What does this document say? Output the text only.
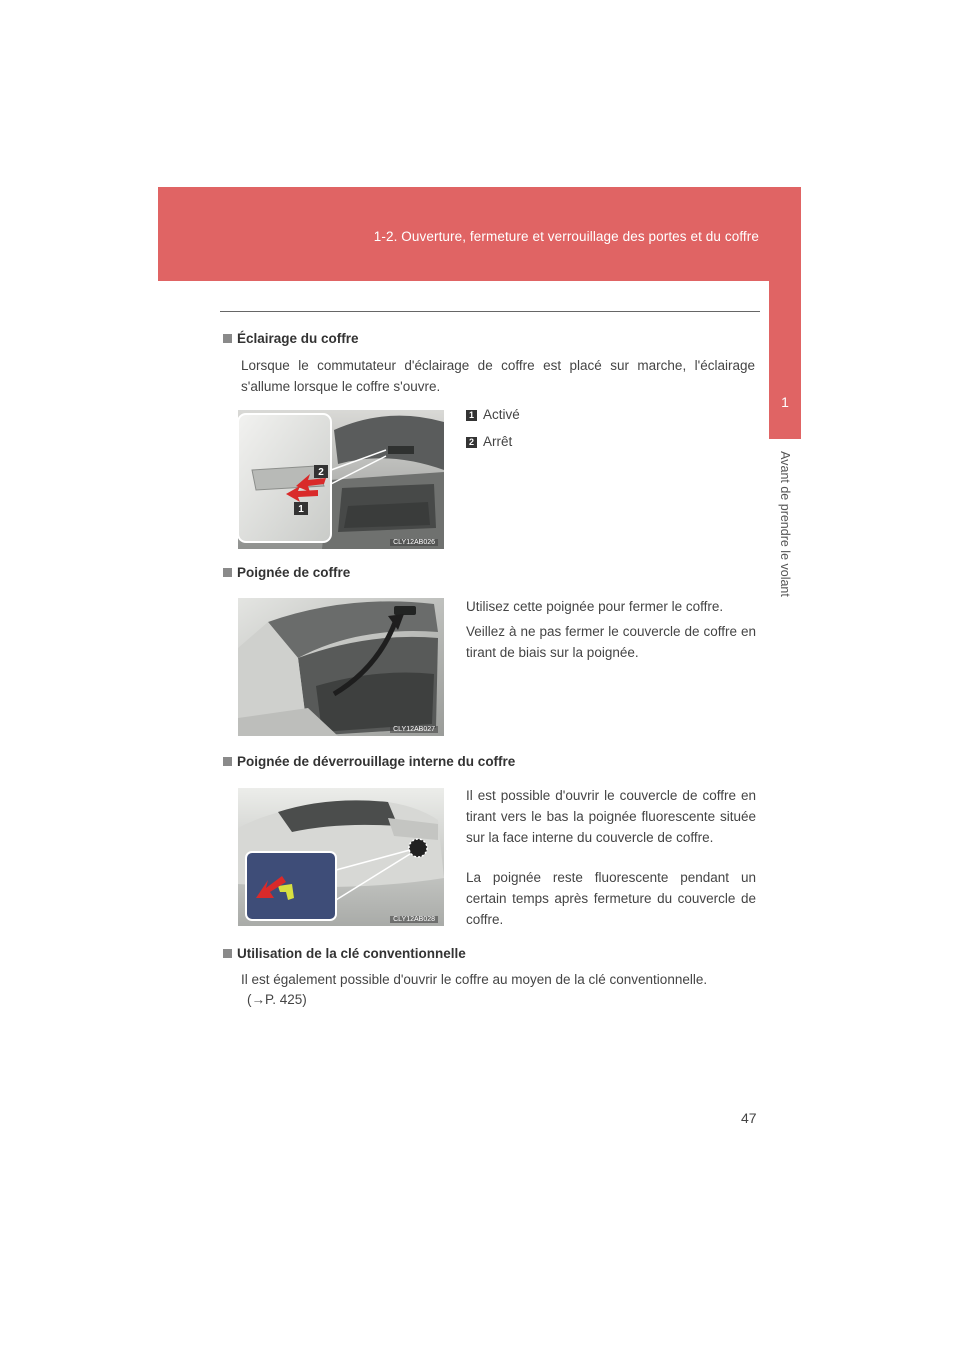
1-2. Ouverture, fermeture et verrouillage des portes et du coffre
1
Avant de prendre le volant
Éclairage du coffre
Lorsque le commutateur d'éclairage de coffre est placé sur marche, l'éclairage s'allume lorsque le coffre s'ouvre.
2
1
CLY12AB026
1 Activé
2 Arrêt
Poignée de coffre
CLY12AB027
Utilisez cette poignée pour fermer le coffre.
Veillez à ne pas fermer le couvercle de coffre en tirant de biais sur la poignée.
Poignée de déverrouillage interne du coffre
CLY12AB028
Il est possible d'ouvrir le couvercle de coffre en tirant vers le bas la poignée fluorescente située sur la face interne du couvercle de coffre.
La poignée reste fluorescente pendant un certain temps après fermeture du couvercle de coffre.
Utilisation de la clé conventionnelle
Il est également possible d'ouvrir le coffre au moyen de la clé conventionnelle.
(→P. 425)
47
